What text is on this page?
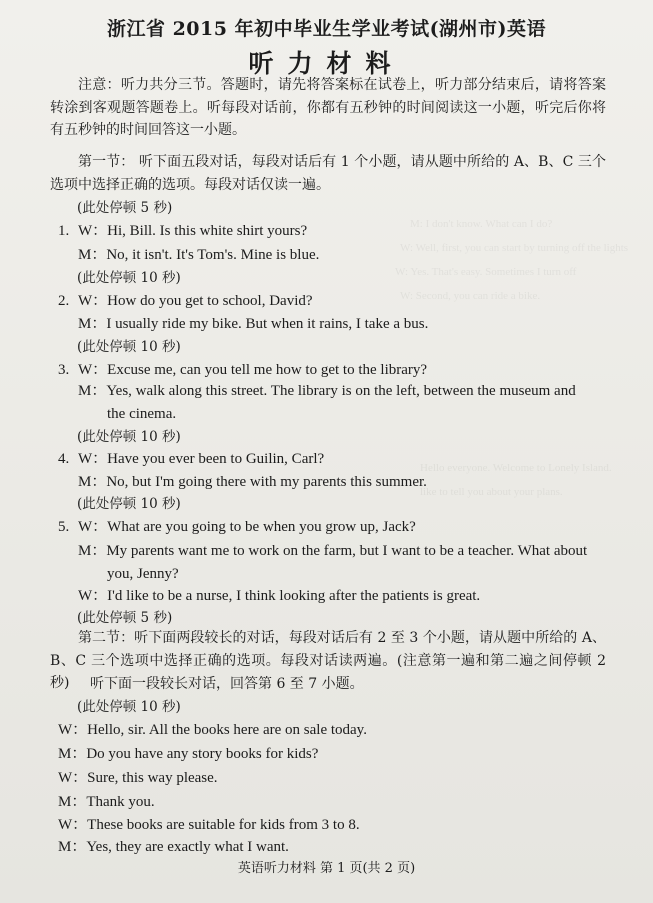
M: I don't know. What can I do?
W: Well, first, you can start by turning off the lights
W: Yes. That's easy. Sometimes I turn off
W: Second, you can ride a bike.
Hello everyone. Welcome to Lonely Island.
like to tell you about your plans.
浙江省 2015 年初中毕业生学业考试(湖州市)英语
听力材料
注意：听力共分三节。答题时，请先将答案标在试卷上，听力部分结束后，请将答案转涂到客观题答题卷上。听每段对话前，你都有五秒钟的时间阅读这一小题，听完后你将有五秒钟的时间回答这一小题。
第一节： 听下面五段对话，每段对话后有 1 个小题，请从题中所给的 A、B、C 三个选项中选择正确的选项。每段对话仅读一遍。
(此处停顿 5 秒)
1. W：Hi, Bill. Is this white shirt yours?
M：No, it isn't. It's Tom's. Mine is blue.
(此处停顿 10 秒)
2. W：How do you get to school, David?
M：I usually ride my bike. But when it rains, I take a bus.
(此处停顿 10 秒)
3. W：Excuse me, can you tell me how to get to the library?
M：Yes, walk along this street. The library is on the left, between the museum and
the cinema.
(此处停顿 10 秒)
4. W：Have you ever been to Guilin, Carl?
M：No, but I'm going there with my parents this summer.
(此处停顿 10 秒)
5. W：What are you going to be when you grow up, Jack?
M：My parents want me to work on the farm, but I want to be a teacher. What about
you, Jenny?
W：I'd like to be a nurse, I think looking after the patients is great.
(此处停顿 5 秒)
第二节：听下面两段较长的对话，每段对话后有 2 至 3 个小题，请从题中所给的 A、B、C 三个选项中选择正确的选项。每段对话读两遍。(注意第一遍和第二遍之间停顿 2 秒)	听下面一段较长对话，回答第 6 至 7 小题。
(此处停顿 10 秒)
W：Hello, sir. All the books here are on sale today.
M：Do you have any story books for kids?
W：Sure, this way please.
M：Thank you.
W：These books are suitable for kids from 3 to 8.
M：Yes, they are exactly what I want.
英语听力材料 第 1 页(共 2 页)
